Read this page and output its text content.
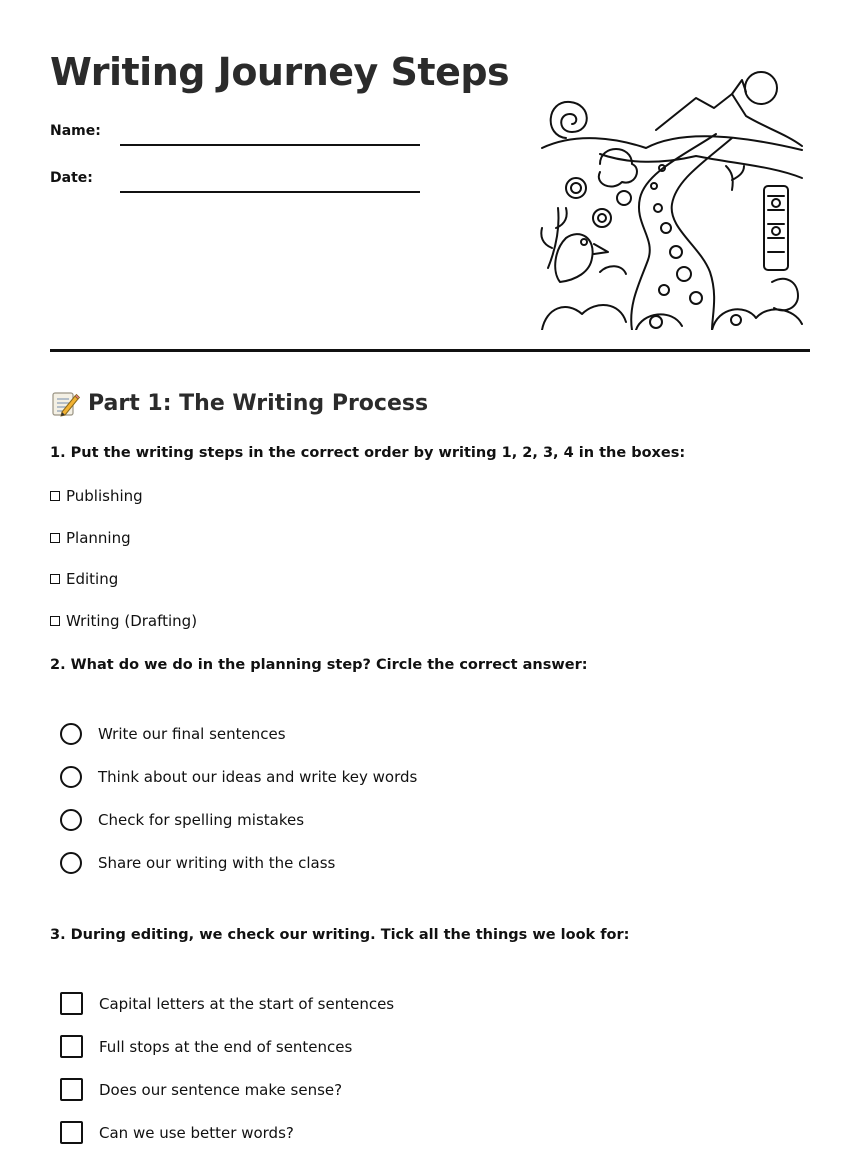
Writing Journey Steps
Name:
Date:
Part 1: The Writing Process
1. Put the writing steps in the correct order by writing 1, 2, 3, 4 in the boxes:
Publishing
Planning
Editing
Writing (Drafting)
2. What do we do in the planning step? Circle the correct answer:
Write our final sentences
Think about our ideas and write key words
Check for spelling mistakes
Share our writing with the class
3. During editing, we check our writing. Tick all the things we look for:
Capital letters at the start of sentences
Full stops at the end of sentences
Does our sentence make sense?
Can we use better words?
